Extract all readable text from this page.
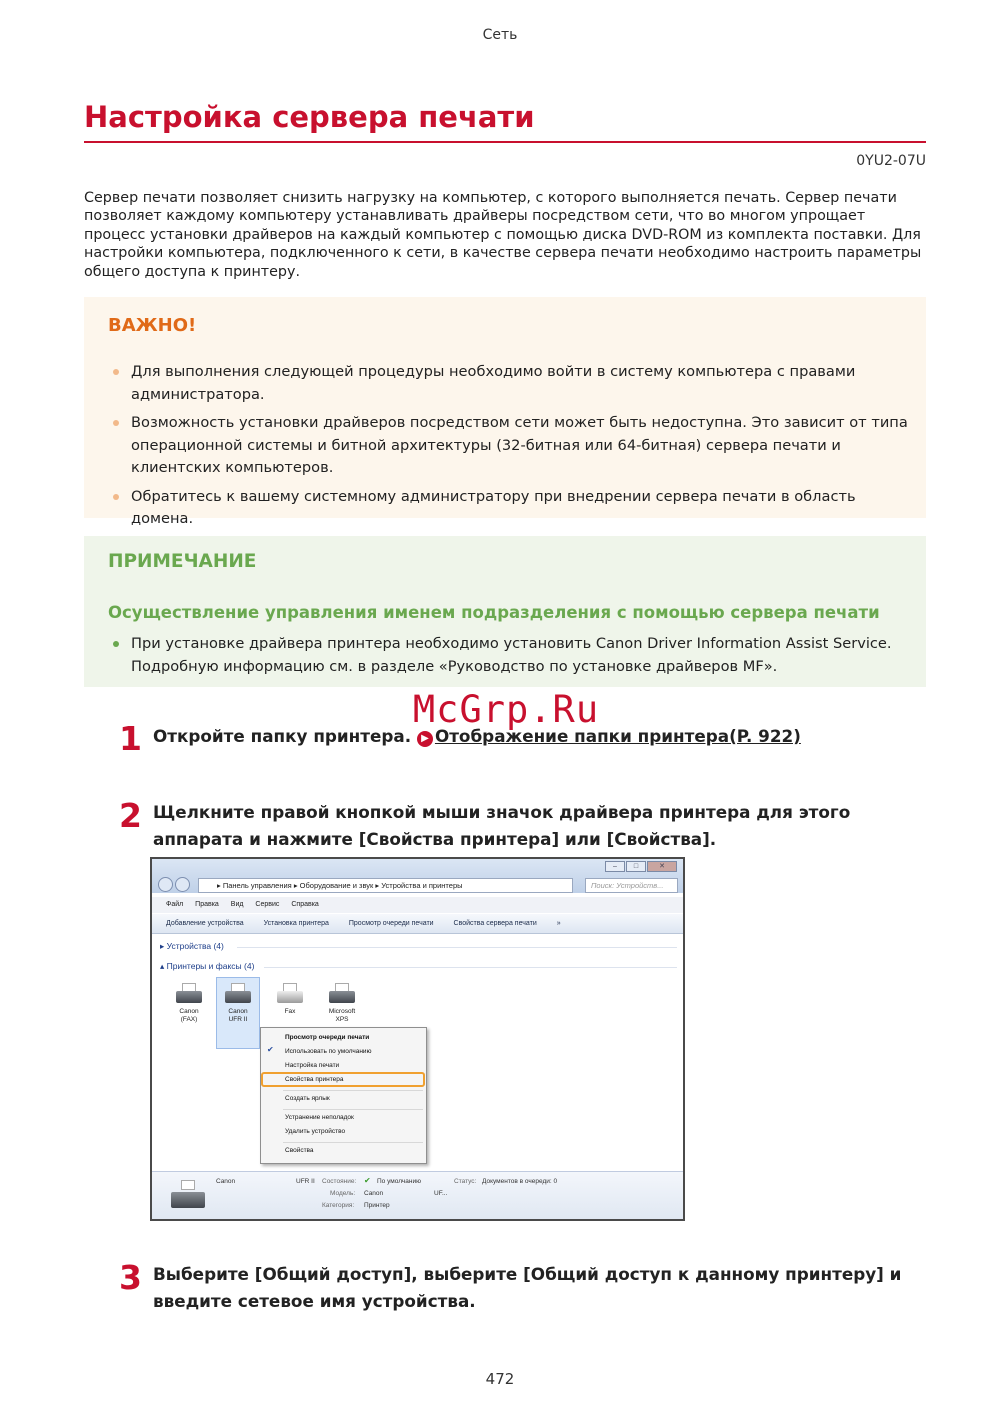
Сеть
Настройка сервера печати
0YU2-07U

Сервер печати позволяет снизить нагрузку на компьютер, с которого выполняется печать. Сервер печати позволяет каждому компьютеру устанавливать драйверы посредством сети, что во многом упрощает процесс установки драйверов на каждый компьютер с помощью диска DVD-ROM из комплекта поставки. Для настройки компьютера, подключенного к сети, в качестве сервера печати необходимо настроить параметры общего доступа к принтеру.

ВАЖНО!
Для выполнения следующей процедуры необходимо войти в систему компьютера с правами администратора.
Возможность установки драйверов посредством сети может быть недоступна. Это зависит от типа операционной системы и битной архитектуры (32-битная или 64-битная) сервера печати и клиентских компьютеров.
Обратитесь к вашему системному администратору при внедрении сервера печати в область домена.
ПРИМЕЧАНИЕ
Осуществление управления именем подразделения с помощью сервера печати
При установке драйвера принтера необходимо установить Canon Driver Information Assist Service. Подробную информацию см. в разделе «Руководство по установке драйверов MF».
McGrp.Ru
1 Откройте папку принтера. ▶ Отображение папки принтера(P. 922)
2 Щелкните правой кнопкой мыши значок драйвера принтера для этого аппарата и нажмите [Свойства принтера] или [Свойства].
–	□	✕
▸ Панель управления ▸ Оборудование и звук ▸ Устройства и принтеры	Поиск: Устройств...
Файл Правка Вид Сервис Справка
Добавление устройства	Установка принтера	Просмотр очереди печати	Свойства сервера печати	»
▸ Устройства (4)
▴ Принтеры и факсы (4)
Canon
(FAX)
Canon
UFR II
Fax	Microsoft
XPS
Просмотр очереди печати
✔ Использовать по умолчанию
Настройка печати
Свойства принтера
Создать ярлык
Устранение неполадок
Удалить устройство
Свойства
Canon	UFR II Состояние: ✔ По умолчанию	Статус: Документов в очереди: 0
Модель: Canon	UF...
Категория: Принтер
3 Выберите [Общий доступ], выберите [Общий доступ к данному принтеру] и введите сетевое имя устройства.
472
